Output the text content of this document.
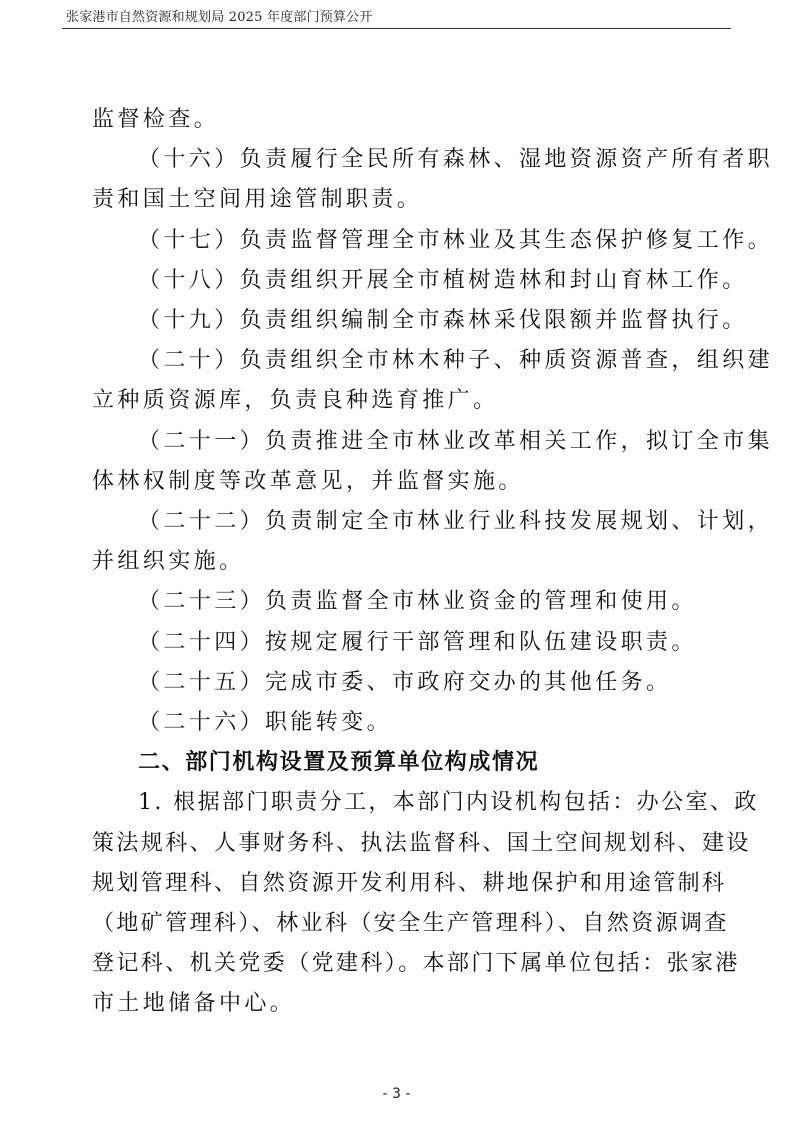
张家港市自然资源和规划局 2025 年度部门预算公开
监督检查。
（十六）负责履行全民所有森林、湿地资源资产所有者职
责和国土空间用途管制职责。
（十七）负责监督管理全市林业及其生态保护修复工作。
（十八）负责组织开展全市植树造林和封山育林工作。
（十九）负责组织编制全市森林采伐限额并监督执行。
（二十）负责组织全市林木种子、种质资源普查，组织建
立种质资源库，负责良种选育推广。
（二十一）负责推进全市林业改革相关工作，拟订全市集
体林权制度等改革意见，并监督实施。
（二十二）负责制定全市林业行业科技发展规划、计划，
并组织实施。
（二十三）负责监督全市林业资金的管理和使用。
（二十四）按规定履行干部管理和队伍建设职责。
（二十五）完成市委、市政府交办的其他任务。
（二十六）职能转变。
二、部门机构设置及预算单位构成情况
1. 根据部门职责分工，本部门内设机构包括：办公室、政
策法规科、人事财务科、执法监督科、国土空间规划科、建设
规划管理科、自然资源开发利用科、耕地保护和用途管制科
（地矿管理科）、林业科（安全生产管理科）、自然资源调查
登记科、机关党委（党建科）。本部门下属单位包括：张家港
市土地储备中心。
- 3 -
